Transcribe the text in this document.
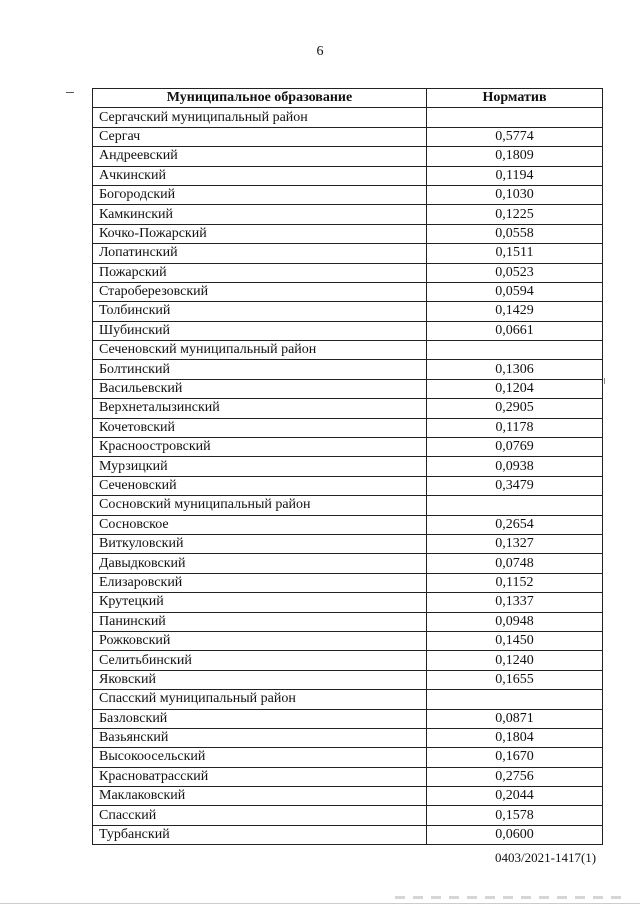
6
Муниципальное образование	Норматив
Сергачский муниципальный район	
Сергач	0,5774
Андреевский	0,1809
Ачкинский	0,1194
Богородский	0,1030
Камкинский	0,1225
Кочко-Пожарский	0,0558
Лопатинский	0,1511
Пожарский	0,0523
Староберезовский	0,0594
Толбинский	0,1429
Шубинский	0,0661
Сеченовский муниципальный район	
Болтинский	0,1306
Васильевский	0,1204
Верхнеталызинский	0,2905
Кочетовский	0,1178
Красноостровский	0,0769
Мурзицкий	0,0938
Сеченовский	0,3479
Сосновский муниципальный район	
Сосновское	0,2654
Виткуловский	0,1327
Давыдковский	0,0748
Елизаровский	0,1152
Крутецкий	0,1337
Панинский	0,0948
Рожковский	0,1450
Селитьбинский	0,1240
Яковский	0,1655
Спасский муниципальный район	
Базловский	0,0871
Вазьянский	0,1804
Высокоосельский	0,1670
Красноватрасский	0,2756
Маклаковский	0,2044
Спасский	0,1578
Турбанский	0,0600
0403/2021-1417(1)
